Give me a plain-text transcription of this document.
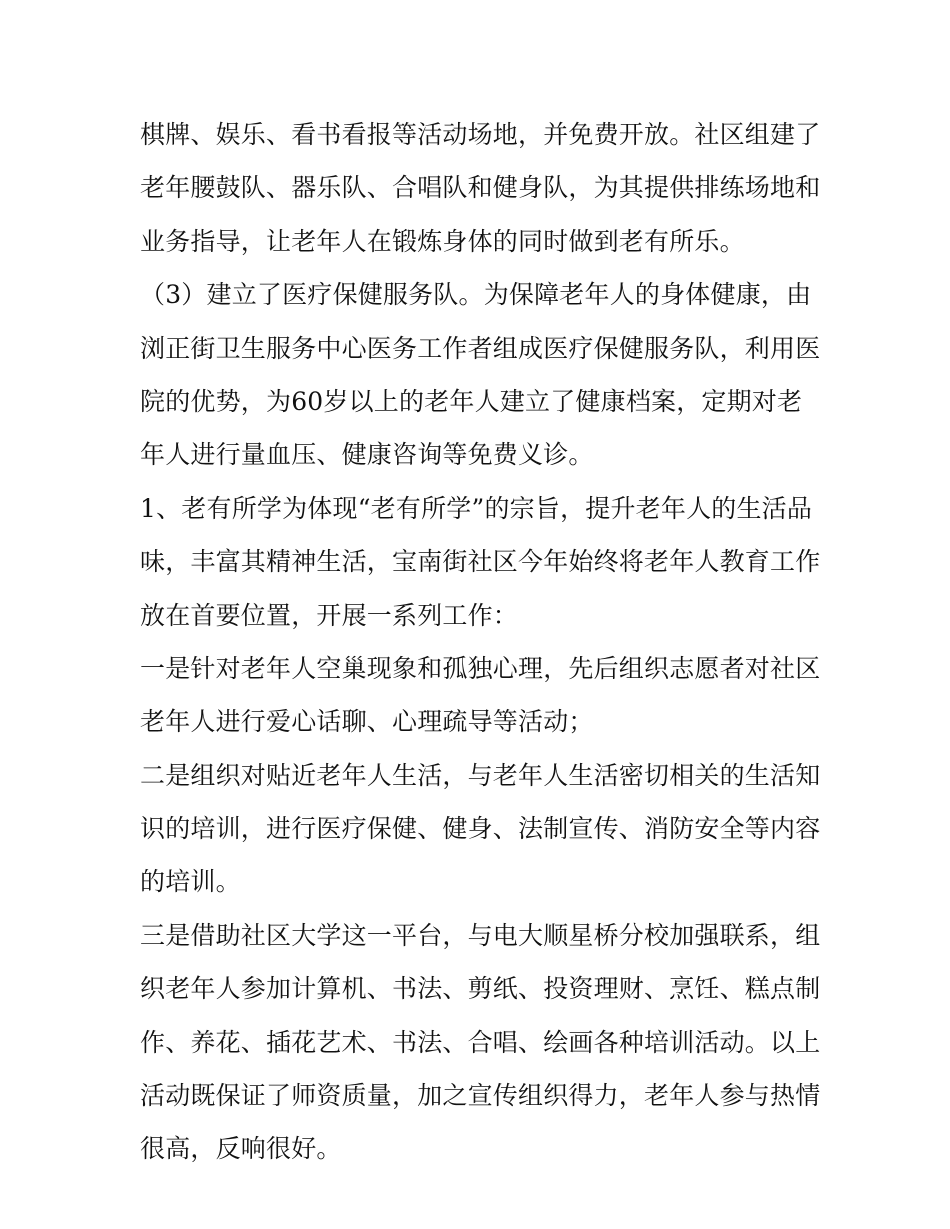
棋牌、娱乐、看书看报等活动场地，并免费开放。社区组建了
老年腰鼓队、器乐队、合唱队和健身队，为其提供排练场地和
业务指导，让老年人在锻炼身体的同时做到老有所乐。
（3）建立了医疗保健服务队。为保障老年人的身体健康，由
浏正街卫生服务中心医务工作者组成医疗保健服务队，利用医
院的优势，为60岁以上的老年人建立了健康档案，定期对老
年人进行量血压、健康咨询等免费义诊。
1、老有所学为体现“老有所学”的宗旨，提升老年人的生活品
味，丰富其精神生活，宝南街社区今年始终将老年人教育工作
放在首要位置，开展一系列工作：
一是针对老年人空巢现象和孤独心理，先后组织志愿者对社区
老年人进行爱心话聊、心理疏导等活动；
二是组织对贴近老年人生活，与老年人生活密切相关的生活知
识的培训，进行医疗保健、健身、法制宣传、消防安全等内容
的培训。
三是借助社区大学这一平台，与电大顺星桥分校加强联系，组
织老年人参加计算机、书法、剪纸、投资理财、烹饪、糕点制
作、养花、插花艺术、书法、合唱、绘画各种培训活动。以上
活动既保证了师资质量，加之宣传组织得力，老年人参与热情
很高，反响很好。
